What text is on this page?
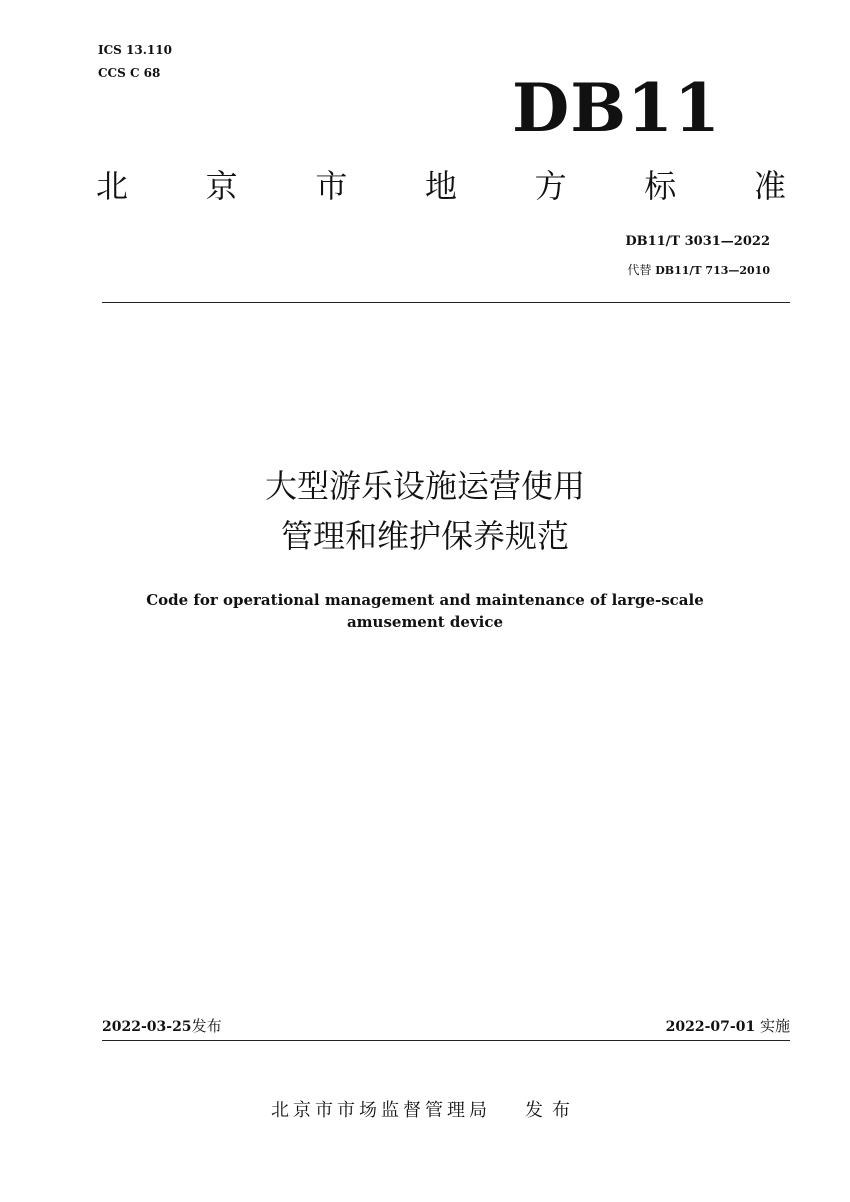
ICS 13.110
CCS C 68	DB11
北 京 市 地 方 标 准
DB11/T 3031—2022
代替 DB11/T 713—2010
大型游乐设施运营使用
管理和维护保养规范
Code for operational management and maintenance of large-scale
amusement device
2022-03-25发布	2022-07-01 实施
北京市市场监督管理局 发布
